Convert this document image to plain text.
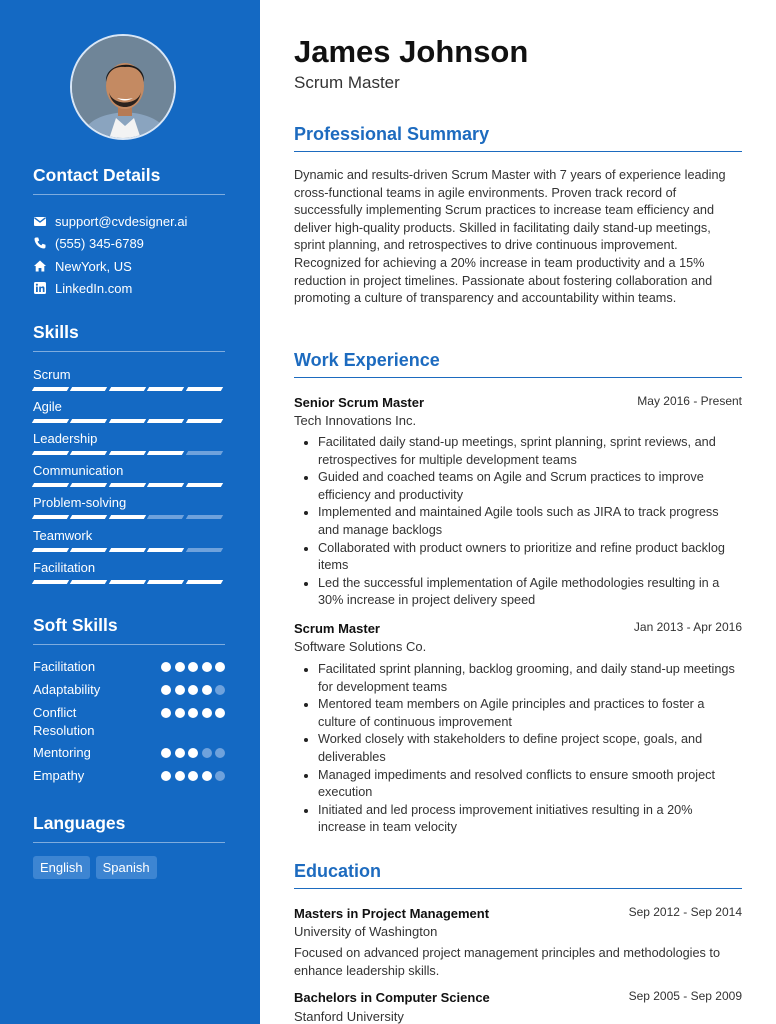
Contact Details
support@cvdesigner.ai
(555) 345-6789
NewYork, US
LinkedIn.com
Skills
Scrum
Agile
Leadership
Communication
Problem-solving
Teamwork
Facilitation
Soft Skills
Facilitation
Adaptability
Conflict Resolution
Mentoring
Empathy
Languages
English	Spanish
James Johnson
Scrum Master
Professional Summary
Dynamic and results-driven Scrum Master with 7 years of experience leading cross-functional teams in agile environments. Proven track record of successfully implementing Scrum practices to increase team efficiency and deliver high-quality products. Skilled in facilitating daily stand-up meetings, sprint planning, and retrospectives to drive continuous improvement. Recognized for achieving a 20% increase in team productivity and a 15% reduction in project timelines. Passionate about fostering collaboration and promoting a culture of transparency and accountability within teams.
Work Experience
Senior Scrum Master	May 2016 - Present
Tech Innovations Inc.
Facilitated daily stand-up meetings, sprint planning, sprint reviews, and retrospectives for multiple development teams
Guided and coached teams on Agile and Scrum practices to improve efficiency and productivity
Implemented and maintained Agile tools such as JIRA to track progress and manage backlogs
Collaborated with product owners to prioritize and refine product backlog items
Led the successful implementation of Agile methodologies resulting in a 30% increase in project delivery speed
Scrum Master	Jan 2013 - Apr 2016
Software Solutions Co.
Facilitated sprint planning, backlog grooming, and daily stand-up meetings for development teams
Mentored team members on Agile principles and practices to foster a culture of continuous improvement
Worked closely with stakeholders to define project scope, goals, and deliverables
Managed impediments and resolved conflicts to ensure smooth project execution
Initiated and led process improvement initiatives resulting in a 20% increase in team velocity
Education
Masters in Project Management	Sep 2012 - Sep 2014
University of Washington
Focused on advanced project management principles and methodologies to enhance leadership skills.
Bachelors in Computer Science	Sep 2005 - Sep 2009
Stanford University
